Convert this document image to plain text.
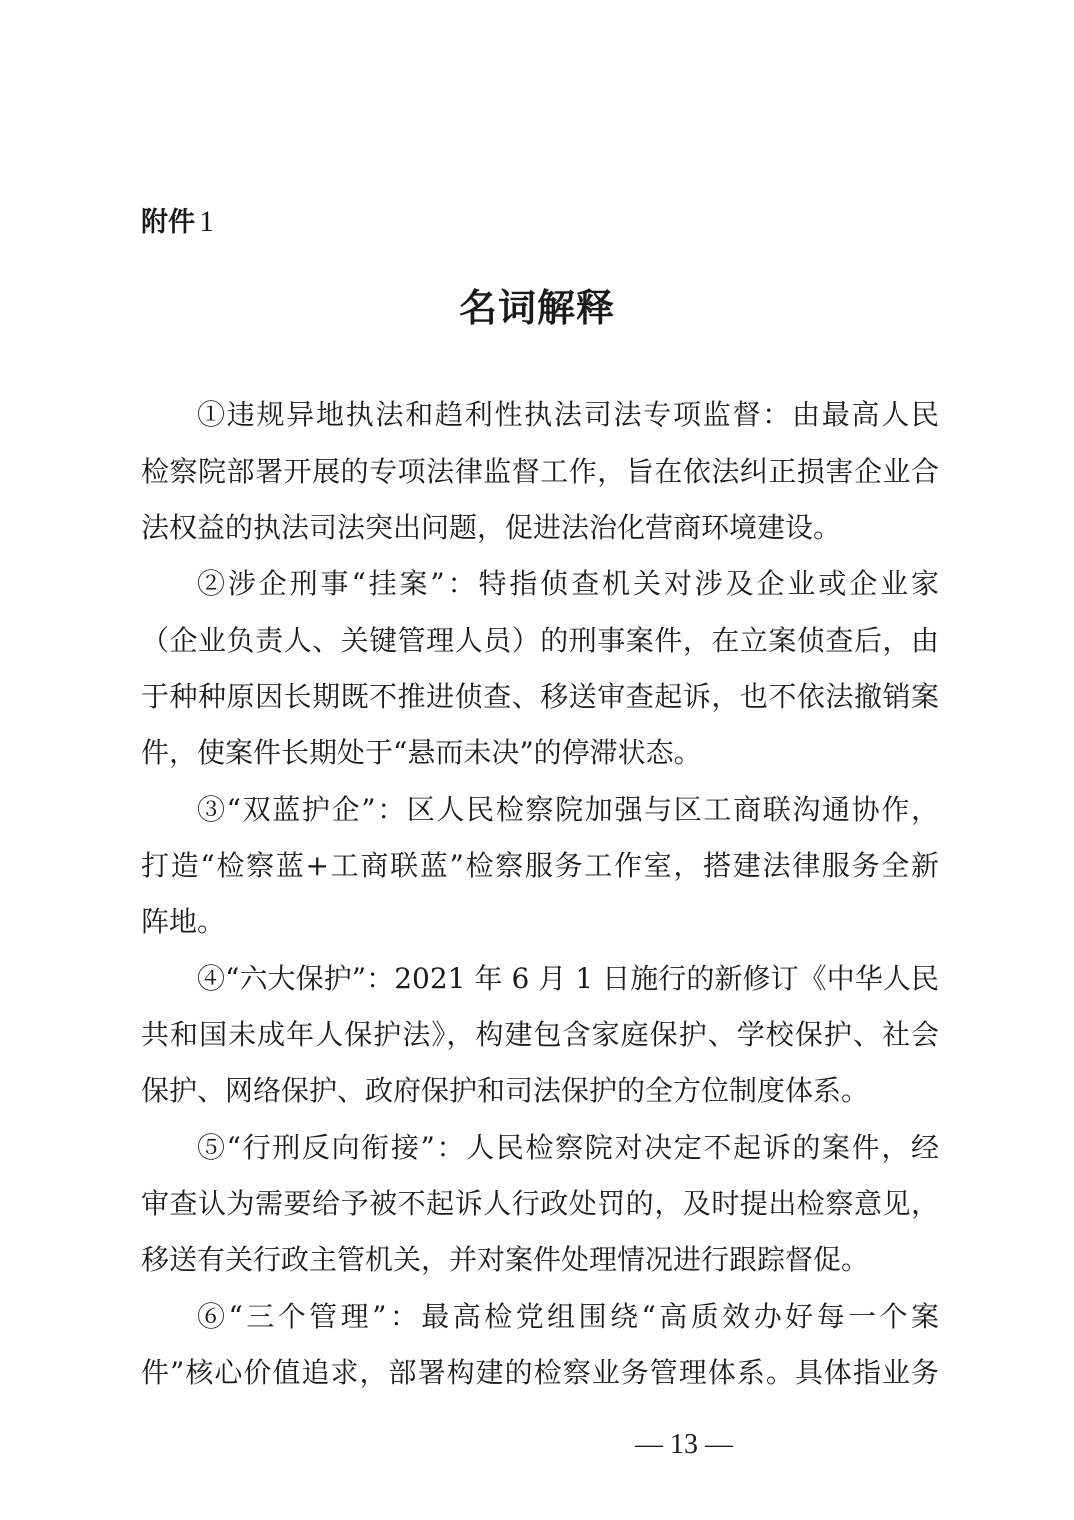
附件 1
名词解释
①违规异地执法和趋利性执法司法专项监督：由最高人民
检察院部署开展的专项法律监督工作，旨在依法纠正损害企业合
法权益的执法司法突出问题，促进法治化营商环境建设。
②涉企刑事“挂案”：特指侦查机关对涉及企业或企业家
（企业负责人、关键管理人员）的刑事案件，在立案侦查后，由
于种种原因长期既不推进侦查、移送审查起诉，也不依法撤销案
件，使案件长期处于“悬而未决”的停滞状态。
③“双蓝护企”：区人民检察院加强与区工商联沟通协作，
打造“检察蓝+工商联蓝”检察服务工作室，搭建法律服务全新
阵地。
④“六大保护”：2021 年 6 月 1 日施行的新修订《中华人民
共和国未成年人保护法》，构建包含家庭保护、学校保护、社会
保护、网络保护、政府保护和司法保护的全方位制度体系。
⑤“行刑反向衔接”：人民检察院对决定不起诉的案件，经
审查认为需要给予被不起诉人行政处罚的，及时提出检察意见，
移送有关行政主管机关，并对案件处理情况进行跟踪督促。
⑥“三个管理”：最高检党组围绕“高质效办好每一个案
件”核心价值追求，部署构建的检察业务管理体系。具体指业务
— 13 —
